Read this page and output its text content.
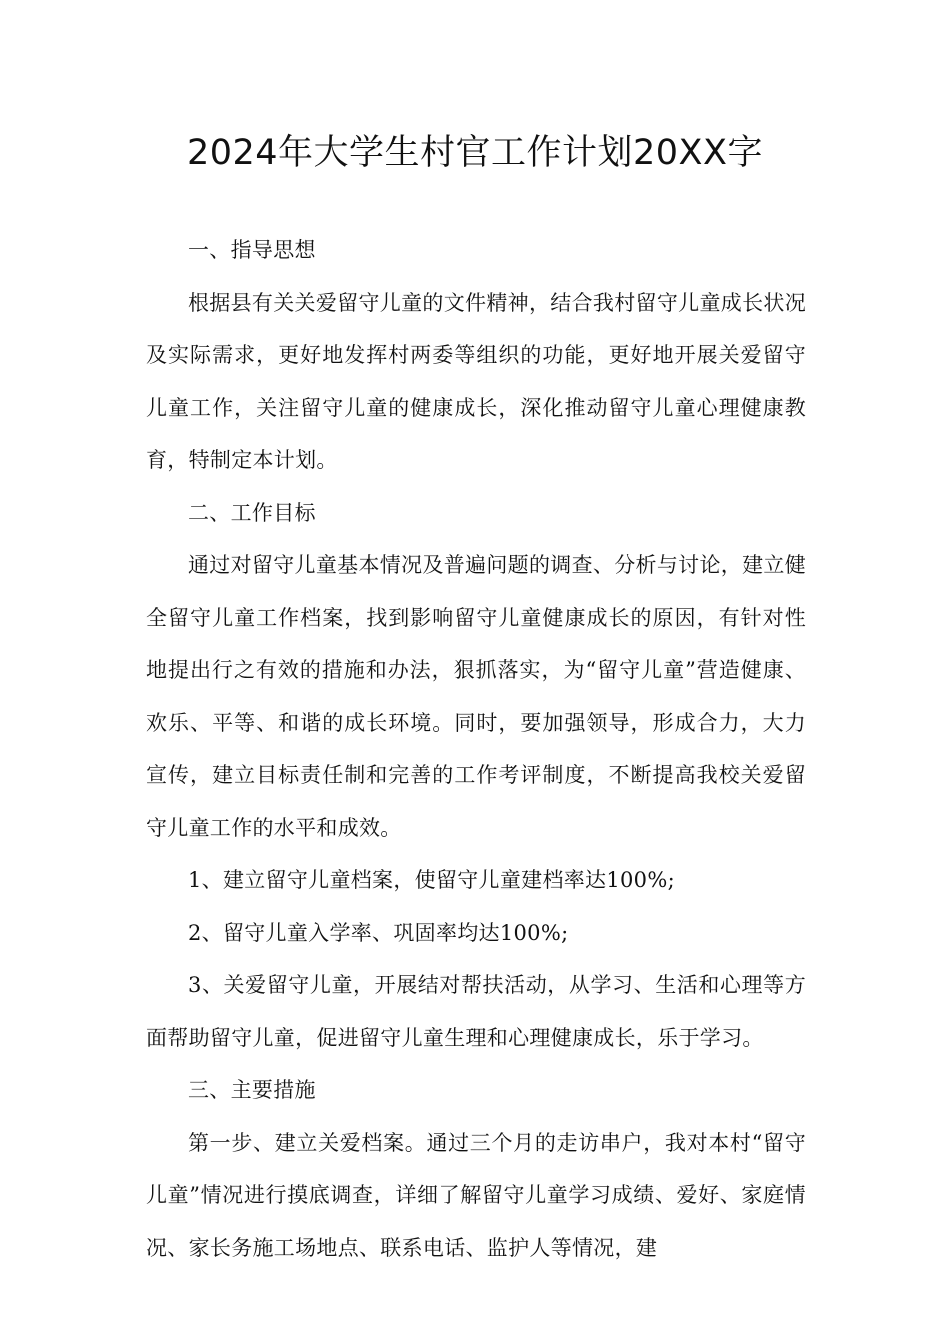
2024年大学生村官工作计划20XX字

一、指导思想

根据县有关关爱留守儿童的文件精神，结合我村留守儿童成长状况及实际需求，更好地发挥村两委等组织的功能，更好地开展关爱留守儿童工作，关注留守儿童的健康成长，深化推动留守儿童心理健康教育，特制定本计划。

二、工作目标

通过对留守儿童基本情况及普遍问题的调查、分析与讨论，建立健全留守儿童工作档案，找到影响留守儿童健康成长的原因，有针对性地提出行之有效的措施和办法，狠抓落实，为“留守儿童”营造健康、欢乐、平等、和谐的成长环境。同时，要加强领导，形成合力，大力宣传，建立目标责任制和完善的工作考评制度，不断提高我校关爱留守儿童工作的水平和成效。

1、建立留守儿童档案，使留守儿童建档率达100%;

2、留守儿童入学率、巩固率均达100%;

3、关爱留守儿童，开展结对帮扶活动，从学习、生活和心理等方面帮助留守儿童，促进留守儿童生理和心理健康成长，乐于学习。

三、主要措施

第一步、建立关爱档案。通过三个月的走访串户，我对本村“留守儿童”情况进行摸底调查，详细了解留守儿童学习成绩、爱好、家庭情况、家长务施工场地点、联系电话、监护人等情况，建
